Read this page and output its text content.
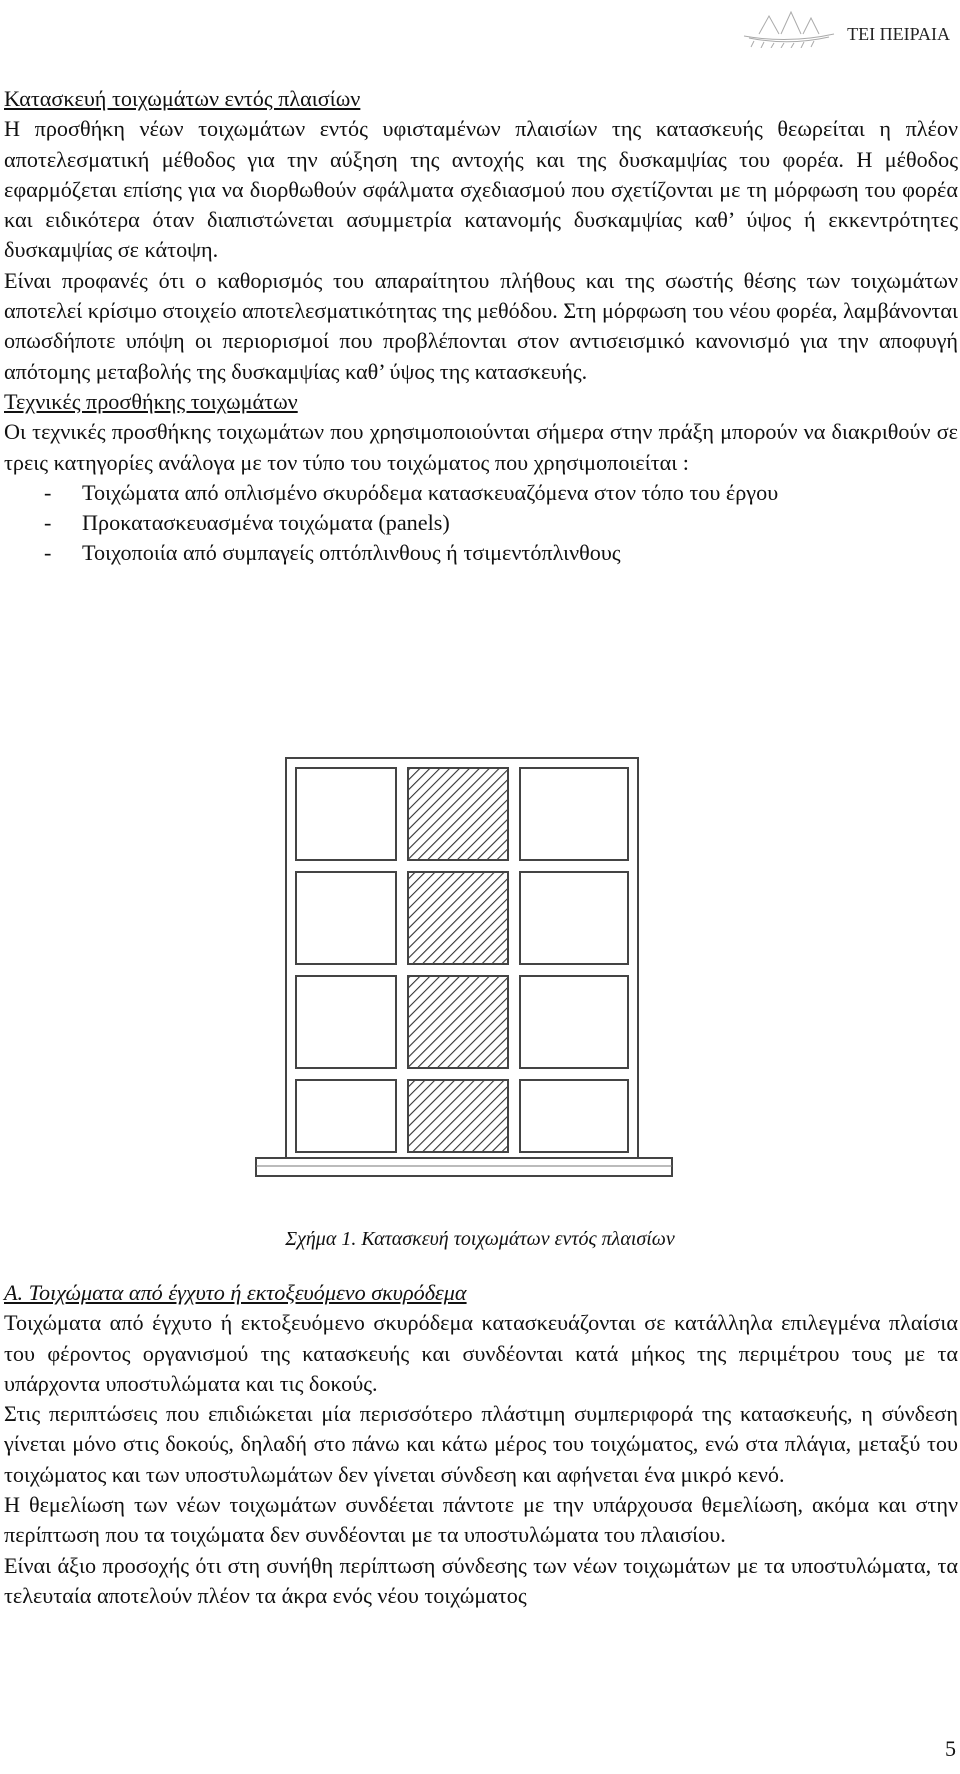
ΤΕΙ ΠΕΙΡΑΙΑ
Κατασκευή τοιχωμάτων εντός πλαισίων

Η προσθήκη νέων τοιχωμάτων εντός υφισταμένων πλαισίων της κατασκευής θεωρείται η πλέον αποτελεσματική μέθοδος για την αύξηση της αντοχής και της δυσκαμψίας του φορέα. Η μέθοδος εφαρμόζεται επίσης για να διορθωθούν σφάλματα σχεδιασμού που σχετίζονται με τη μόρφωση του φορέα και ειδικότερα όταν διαπιστώνεται ασυμμετρία κατανομής δυσκαμψίας καθ’ ύψος ή εκκεντρότητες δυσκαμψίας σε κάτοψη.

Είναι προφανές ότι ο καθορισμός του απαραίτητου πλήθους και της σωστής θέσης των τοιχωμάτων αποτελεί κρίσιμο στοιχείο αποτελεσματικότητας της μεθόδου. Στη μόρφωση του νέου φορέα, λαμβάνονται οπωσδήποτε υπόψη οι περιορισμοί που προβλέπονται στον αντισεισμικό κανονισμό για την αποφυγή απότομης μεταβολής της δυσκαμψίας καθ’ ύψος της κατασκευής.

Τεχνικές προσθήκης τοιχωμάτων

Οι τεχνικές προσθήκης τοιχωμάτων που χρησιμοποιούνται σήμερα στην πράξη μπορούν να διακριθούν σε τρεις κατηγορίες ανάλογα με τον τύπο του τοιχώματος που χρησιμοποιείται :

-	Τοιχώματα από οπλισμένο σκυρόδεμα κατασκευαζόμενα στον τόπο του έργου
-	Προκατασκευασμένα τοιχώματα (panels)
-	Τοιχοποιία από συμπαγείς οπτόπλινθους ή τσιμεντόπλινθους
Σχήμα 1. Κατασκευή τοιχωμάτων εντός πλαισίων
Α. Τοιχώματα από έγχυτο ή εκτοξευόμενο σκυρόδεμα

Τοιχώματα από έγχυτο ή εκτοξευόμενο σκυρόδεμα κατασκευάζονται σε κατάλληλα επιλεγμένα πλαίσια του φέροντος οργανισμού της κατασκευής και συνδέονται κατά μήκος της περιμέτρου τους με τα υπάρχοντα υποστυλώματα και τις δοκούς.

Στις περιπτώσεις που επιδιώκεται μία περισσότερο πλάστιμη συμπεριφορά της κατασκευής, η σύνδεση γίνεται μόνο στις δοκούς, δηλαδή στο πάνω και κάτω μέρος του τοιχώματος, ενώ στα πλάγια, μεταξύ του τοιχώματος και των υποστυλωμάτων δεν γίνεται σύνδεση και αφήνεται ένα μικρό κενό.

Η θεμελίωση των νέων τοιχωμάτων συνδέεται πάντοτε με την υπάρχουσα θεμελίωση, ακόμα και στην περίπτωση που τα τοιχώματα δεν συνδέονται με τα υποστυλώματα του πλαισίου.

Είναι άξιο προσοχής ότι στη συνήθη περίπτωση σύνδεσης των νέων τοιχωμάτων με τα υποστυλώματα, τα τελευταία αποτελούν πλέον τα άκρα ενός νέου τοιχώματος

5
